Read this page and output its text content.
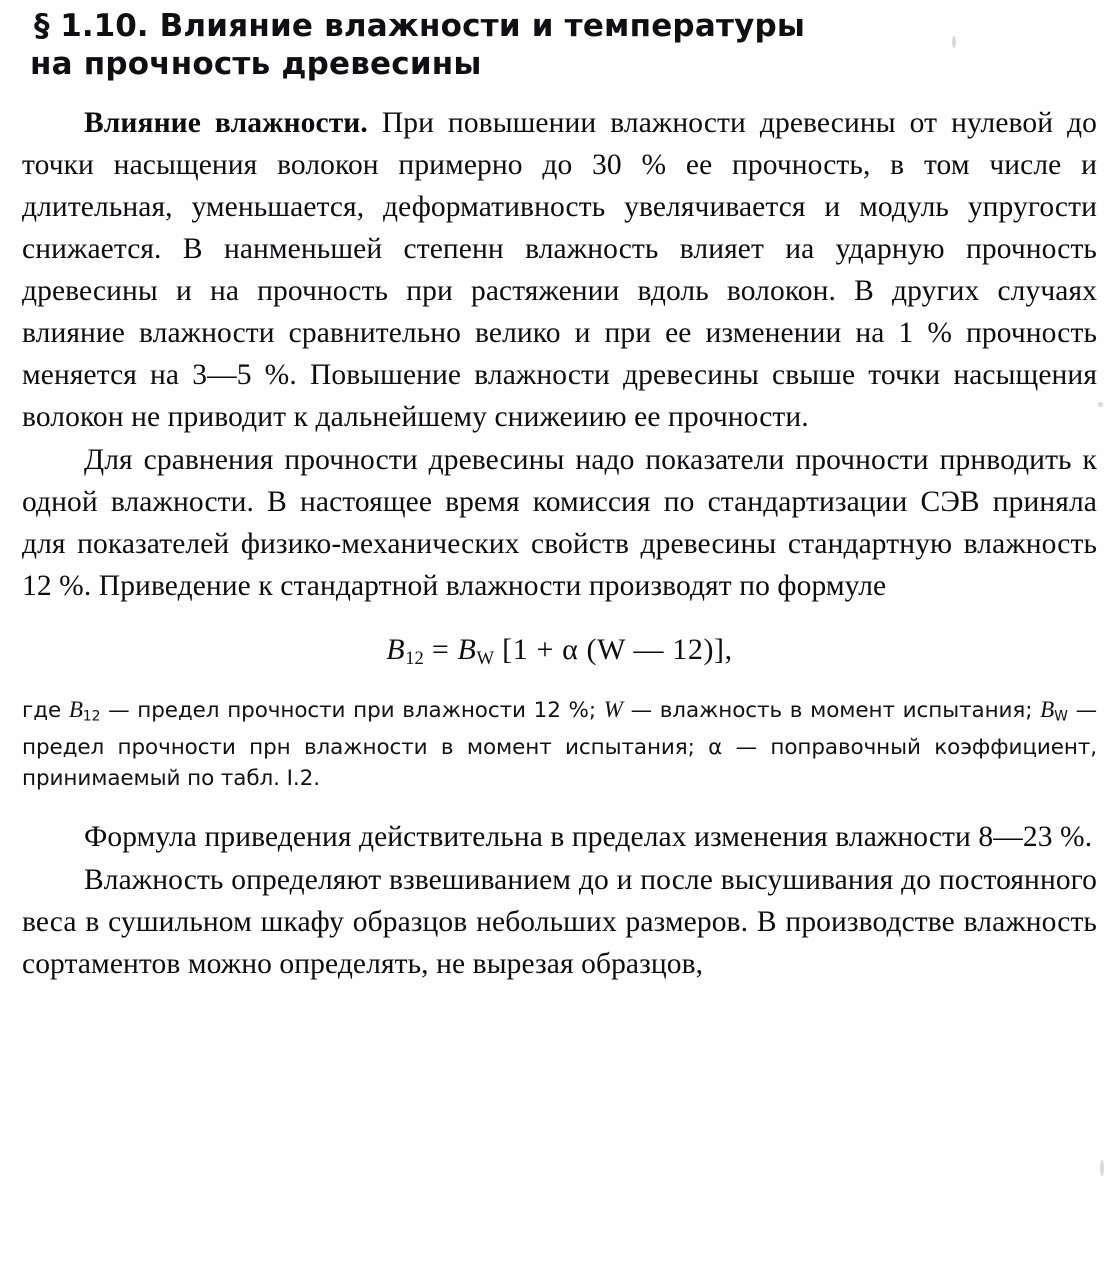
§ 1.10. Влияние влажности и температуры
на прочность древесины

Влияние влажности. При повышении влажности древесины от нулевой до точки насыщения волокон примерно до 30 % ее прочность, в том числе и длительная, уменьшается, деформативность увелячивается и модуль упругости снижается. В нанменьшей степенн влажность влияет иа ударную прочность древесины и на прочность при растяжении вдоль волокон. В других случаях влияние влажности сравнительно велико и при ее изменении на 1 % прочность меняется на 3—5 %. Повышение влажности древесины свыше точки насыщения волокон не приводит к дальнейшему снижеиию ее прочности.

Для сравнения прочности древесины надо показатели прочности прнводить к одной влажности. В настоящее время комиссия по стандартизации СЭВ приняла для показателей физико-механических свойств древесины стандартную влажность 12 %. Приведение к стандартной влажности производят по формуле

$B_{12} = B_W$ [1 + α (W — 12)],

где $B_{12}$ — предел прочности при влажности 12 %; W — влажность в момент испытания; $B_W$ — предел прочности прн влажности в момент испытания; α — поправочный коэффициент, принимаемый по табл. I.2.

Формула приведения действительна в пределах изменения влажности 8—23 %.

Влажность определяют взвешиванием до и после высушивания до постоянного веса в сушильном шкафу образцов небольших размеров. В производстве влажность сортаментов можно определять, не вырезая образцов,
